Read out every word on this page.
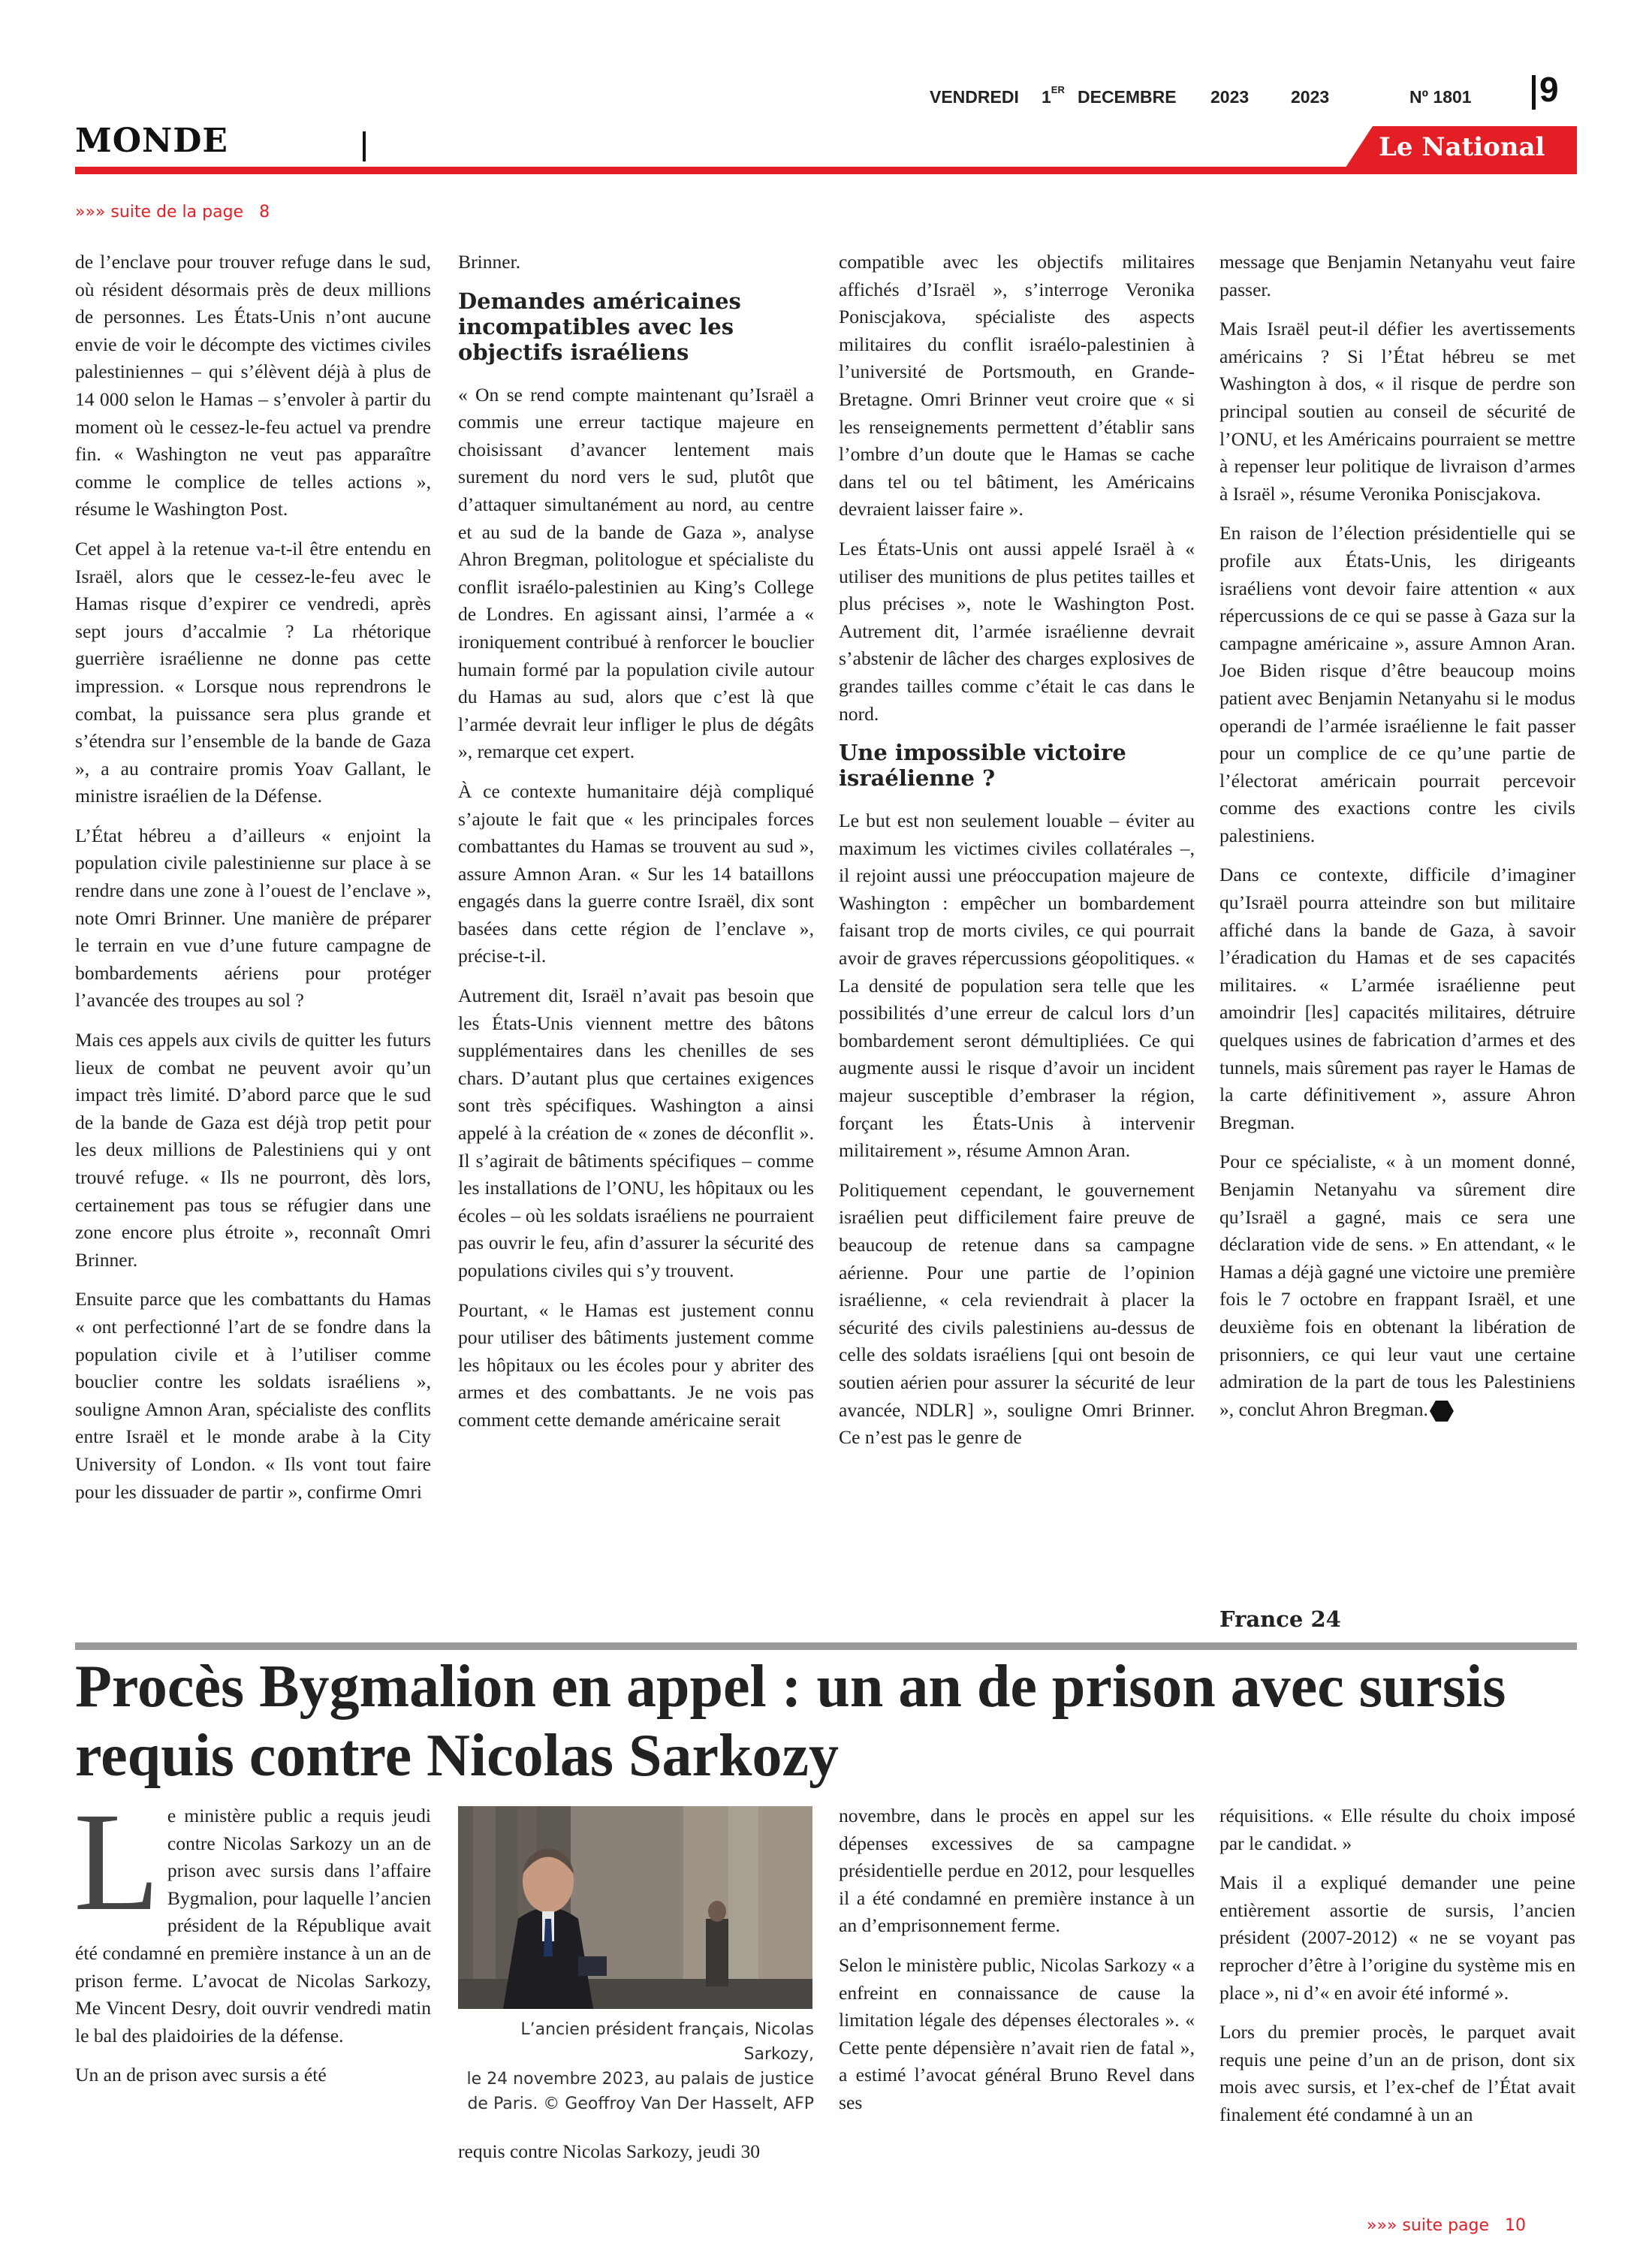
VENDREDI 1ER DECEMBRE 2023 2023	Nº 1801 9
MONDE	Le National
»»» suite de la page 8

de l’enclave pour trouver refuge dans le sud, où résident désormais près de deux millions de personnes. Les États-Unis n’ont aucune envie de voir le décompte des victimes civiles palestiniennes – qui s’élèvent déjà à plus de 14 000 selon le Hamas – s’envoler à partir du moment où le cessez-le-feu actuel va prendre fin. « Washington ne veut pas apparaître comme le complice de telles actions », résume le Washington Post.

Cet appel à la retenue va-t-il être entendu en Israël, alors que le cessez-le-feu avec le Hamas risque d’expirer ce vendredi, après sept jours d’accalmie ? La rhétorique guerrière israélienne ne donne pas cette impression. « Lorsque nous reprendrons le combat, la puissance sera plus grande et s’étendra sur l’ensemble de la bande de Gaza », a au contraire promis Yoav Gallant, le ministre israélien de la Défense.

L’État hébreu a d’ailleurs « enjoint la population civile palestinienne sur place à se rendre dans une zone à l’ouest de l’enclave », note Omri Brinner. Une manière de préparer le terrain en vue d’une future campagne de bombardements aériens pour protéger l’avancée des troupes au sol ?

Mais ces appels aux civils de quitter les futurs lieux de combat ne peuvent avoir qu’un impact très limité. D’abord parce que le sud de la bande de Gaza est déjà trop petit pour les deux millions de Palestiniens qui y ont trouvé refuge. « Ils ne pourront, dès lors, certainement pas tous se réfugier dans une zone encore plus étroite », reconnaît Omri Brinner.

Ensuite parce que les combattants du Hamas « ont perfectionné l’art de se fondre dans la population civile et à l’utiliser comme bouclier contre les soldats israéliens », souligne Amnon Aran, spécialiste des conflits entre Israël et le monde arabe à la City University of London. « Ils vont tout faire pour les dissuader de partir », confirme Omri

Brinner.

Demandes américaines incompatibles avec les objectifs israéliens

« On se rend compte maintenant qu’Israël a commis une erreur tactique majeure en choisissant d’avancer lentement mais surement du nord vers le sud, plutôt que d’attaquer simultanément au nord, au centre et au sud de la bande de Gaza », analyse Ahron Bregman, politologue et spécialiste du conflit israélo-palestinien au King’s College de Londres. En agissant ainsi, l’armée a « ironiquement contribué à renforcer le bouclier humain formé par la population civile autour du Hamas au sud, alors que c’est là que l’armée devrait leur infliger le plus de dégâts », remarque cet expert.

À ce contexte humanitaire déjà compliqué s’ajoute le fait que « les principales forces combattantes du Hamas se trouvent au sud », assure Amnon Aran. « Sur les 14 bataillons engagés dans la guerre contre Israël, dix sont basées dans cette région de l’enclave », précise-t-il.

Autrement dit, Israël n’avait pas besoin que les États-Unis viennent mettre des bâtons supplémentaires dans les chenilles de ses chars. D’autant plus que certaines exigences sont très spécifiques. Washington a ainsi appelé à la création de « zones de déconflit ». Il s’agirait de bâtiments spécifiques – comme les installations de l’ONU, les hôpitaux ou les écoles – où les soldats israéliens ne pourraient pas ouvrir le feu, afin d’assurer la sécurité des populations civiles qui s’y trouvent.

Pourtant, « le Hamas est justement connu pour utiliser des bâtiments justement comme les hôpitaux ou les écoles pour y abriter des armes et des combattants. Je ne vois pas comment cette demande américaine serait

compatible avec les objectifs militaires affichés d’Israël », s’interroge Veronika Poniscjakova, spécialiste des aspects militaires du conflit israélo-palestinien à l’université de Portsmouth, en Grande-Bretagne. Omri Brinner veut croire que « si les renseignements permettent d’établir sans l’ombre d’un doute que le Hamas se cache dans tel ou tel bâtiment, les Américains devraient laisser faire ».

Les États-Unis ont aussi appelé Israël à « utiliser des munitions de plus petites tailles et plus précises », note le Washington Post. Autrement dit, l’armée israélienne devrait s’abstenir de lâcher des charges explosives de grandes tailles comme c’était le cas dans le nord.

Une impossible victoire israélienne ?

Le but est non seulement louable – éviter au maximum les victimes civiles collatérales –, il rejoint aussi une préoccupation majeure de Washington : empêcher un bombardement faisant trop de morts civiles, ce qui pourrait avoir de graves répercussions géopolitiques. « La densité de population sera telle que les possibilités d’une erreur de calcul lors d’un bombardement seront démultipliées. Ce qui augmente aussi le risque d’avoir un incident majeur susceptible d’embraser la région, forçant les États-Unis à intervenir militairement », résume Amnon Aran.

Politiquement cependant, le gouvernement israélien peut difficilement faire preuve de beaucoup de retenue dans sa campagne aérienne. Pour une partie de l’opinion israélienne, « cela reviendrait à placer la sécurité des civils palestiniens au-dessus de celle des soldats israéliens [qui ont besoin de soutien aérien pour assurer la sécurité de leur avancée, NDLR] », souligne Omri Brinner. Ce n’est pas le genre de

message que Benjamin Netanyahu veut faire passer.

Mais Israël peut-il défier les avertissements américains ? Si l’État hébreu se met Washington à dos, « il risque de perdre son principal soutien au conseil de sécurité de l’ONU, et les Américains pourraient se mettre à repenser leur politique de livraison d’armes à Israël », résume Veronika Poniscjakova.

En raison de l’élection présidentielle qui se profile aux États-Unis, les dirigeants israéliens vont devoir faire attention « aux répercussions de ce qui se passe à Gaza sur la campagne américaine », assure Amnon Aran. Joe Biden risque d’être beaucoup moins patient avec Benjamin Netanyahu si le modus operandi de l’armée israélienne le fait passer pour un complice de ce qu’une partie de l’électorat américain pourrait percevoir comme des exactions contre les civils palestiniens.

Dans ce contexte, difficile d’imaginer qu’Israël pourra atteindre son but militaire affiché dans la bande de Gaza, à savoir l’éradication du Hamas et de ses capacités militaires. « L’armée israélienne peut amoindrir [les] capacités militaires, détruire quelques usines de fabrication d’armes et des tunnels, mais sûrement pas rayer le Hamas de la carte définitivement », assure Ahron Bregman.

Pour ce spécialiste, « à un moment donné, Benjamin Netanyahu va sûrement dire qu’Israël a gagné, mais ce sera une déclaration vide de sens. » En attendant, « le Hamas a déjà gagné une victoire une première fois le 7 octobre en frappant Israël, et une deuxième fois en obtenant la libération de prisonniers, ce qui leur vaut une certaine admiration de la part de tous les Palestiniens », conclut Ahron Bregman.

France 24
Procès Bygmalion en appel : un an de prison avec sursis requis contre Nicolas Sarkozy

Le ministère public a requis jeudi contre Nicolas Sarkozy un an de prison avec sursis dans l’affaire Bygmalion, pour laquelle l’ancien président de la République avait été condamné en première instance à un an de prison ferme. L’avocat de Nicolas Sarkozy, Me Vincent Desry, doit ouvrir vendredi matin le bal des plaidoiries de la défense.

Un an de prison avec sursis a été

L’ancien président français, Nicolas Sarkozy,
le 24 novembre 2023, au palais de justice
de Paris. © Geoffroy Van Der Hasselt, AFP

requis contre Nicolas Sarkozy, jeudi 30

novembre, dans le procès en appel sur les dépenses excessives de sa campagne présidentielle perdue en 2012, pour lesquelles il a été condamné en première instance à un an d’emprisonnement ferme.

Selon le ministère public, Nicolas Sarkozy « a enfreint en connaissance de cause la limitation légale des dépenses électorales ». « Cette pente dépensière n’avait rien de fatal », a estimé l’avocat général Bruno Revel dans ses

réquisitions. « Elle résulte du choix imposé par le candidat. »

Mais il a expliqué demander une peine entièrement assortie de sursis, l’ancien président (2007-2012) « ne se voyant pas reprocher d’être à l’origine du système mis en place », ni d’« en avoir été informé ».

Lors du premier procès, le parquet avait requis une peine d’un an de prison, dont six mois avec sursis, et l’ex-chef de l’État avait finalement été condamné à un an

»»» suite page 10
